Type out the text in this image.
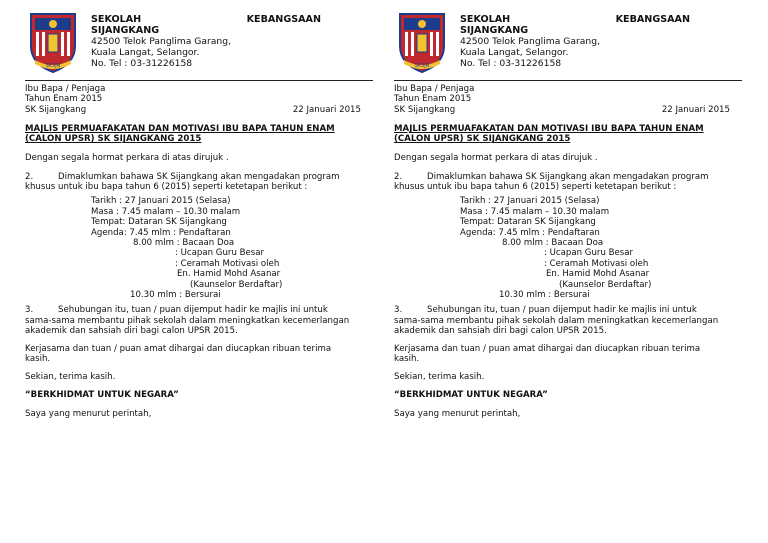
SKSJN
SEKOLAH	KEBANGSAAN
SIJANGKANG
42500 Telok Panglima Garang,
Kuala Langat, Selangor.
No. Tel : 03-31226158

Ibu Bapa / Penjaga

Tahun Enam 2015

SK Sijangkang	22 Januari 2015
MAJLIS PERMUAFAKATAN DAN MOTIVASI IBU BAPA TAHUN ENAM
(CALON UPSR) SK SIJANGKANG 2015

Dengan segala hormat perkara di atas dirujuk .

2.	Dimaklumkan bahawa SK Sijangkang akan mengadakan program

khusus untuk ibu bapa tahun 6 (2015) seperti ketetapan berikut :

Tarikh : 27 Januari 2015 (Selasa)
Masa : 7.45 malam – 10.30 malam
Tempat: Dataran SK Sijangkang
Agenda: 7.45 mlm : Pendaftaran
8.00 mlm : Bacaan Doa
: Ucapan Guru Besar
: Ceramah Motivasi oleh
En. Hamid Mohd Asanar
(Kaunselor Berdaftar)
10.30 mlm : Bersurai

3.	Sehubungan itu, tuan / puan dijemput hadir ke majlis ini untuk

sama-sama membantu pihak sekolah dalam meningkatkan kecemerlangan

akademik dan sahsiah diri bagi calon UPSR 2015.

Kerjasama dan tuan / puan amat dihargai dan diucapkan ribuan terima

kasih.

Sekian, terima kasih.

“BERKHIDMAT UNTUK NEGARA”

Saya yang menurut perintah,

SKSJN
SEKOLAH	KEBANGSAAN
SIJANGKANG
42500 Telok Panglima Garang,
Kuala Langat, Selangor.
No. Tel : 03-31226158

Ibu Bapa / Penjaga

Tahun Enam 2015

SK Sijangkang	22 Januari 2015
MAJLIS PERMUAFAKATAN DAN MOTIVASI IBU BAPA TAHUN ENAM
(CALON UPSR) SK SIJANGKANG 2015

Dengan segala hormat perkara di atas dirujuk .

2.	Dimaklumkan bahawa SK Sijangkang akan mengadakan program

khusus untuk ibu bapa tahun 6 (2015) seperti ketetapan berikut :

Tarikh : 27 Januari 2015 (Selasa)
Masa : 7.45 malam – 10.30 malam
Tempat: Dataran SK Sijangkang
Agenda: 7.45 mlm : Pendaftaran
8.00 mlm : Bacaan Doa
: Ucapan Guru Besar
: Ceramah Motivasi oleh
En. Hamid Mohd Asanar
(Kaunselor Berdaftar)
10.30 mlm : Bersurai

3.	Sehubungan itu, tuan / puan dijemput hadir ke majlis ini untuk

sama-sama membantu pihak sekolah dalam meningkatkan kecemerlangan

akademik dan sahsiah diri bagi calon UPSR 2015.

Kerjasama dan tuan / puan amat dihargai dan diucapkan ribuan terima

kasih.

Sekian, terima kasih.

“BERKHIDMAT UNTUK NEGARA”

Saya yang menurut perintah,
